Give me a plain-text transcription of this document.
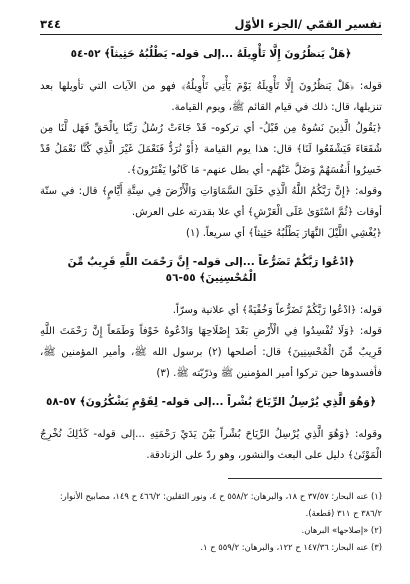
تفسير القمّي /الجزء الأوّل
٣٤٤
﴿هَلْ يَنظُرُونَ إِلَّا تَأْوِيلَهُ ...إلى قوله- يَطْلُبُهُ حَثِيثاً﴾ ٥٢-٥٤

قوله: ﴿هَلْ يَنظُرُونَ إِلَّا تَأْوِيلَهُ يَوْمَ يَأْتِي تَأْوِيلُهُ﴾ فهو من الآيات التي تأويلها بعد تنزيلها، قال: ذلك في قيام القائم ﷺ، ويوم القيامة.

﴿يَقُولُ الَّذِينَ نَسُوهُ مِن قَبْلُ- أي تركوه- قَدْ جَاءَتْ رُسُلُ رَبِّنَا بِالْحَقِّ فَهَل لَّنَا مِن شُفَعَاءَ فَيَشْفَعُوا لَنَا﴾ قال: هذا يوم القيامة ﴿أَوْ نُرَدُّ فَنَعْمَلَ غَيْرَ الَّذِي كُنَّا نَعْمَلُ قَدْ خَسِرُوا أَنفُسَهُمْ وَضَلَّ عَنْهُم- أي بطل عنهم- مَا كَانُوا يَفْتَرُونَ﴾.

وقوله: ﴿إِنَّ رَبَّكُمُ اللَّهُ الَّذِي خَلَقَ السَّمَاوَاتِ وَالْأَرْضَ فِي سِتَّةِ أَيَّامٍ﴾ قال: في ستّة أوقات ﴿ثُمَّ اسْتَوَىٰ عَلَى الْعَرْشِ﴾ أي علا بقدرته على العرش.

﴿يُغْشِي اللَّيْلَ النَّهَارَ يَطْلُبُهُ حَثِيثاً﴾ أي سريعاً. (١)

﴿ادْعُوا رَبَّكُمْ تَضَرُّعاً ...إلى قوله- إِنَّ رَحْمَتَ اللَّهِ قَرِيبٌ مِّنَ الْمُحْسِنِينَ﴾ ٥٥-٥٦

قوله: ﴿ادْعُوا رَبَّكُمْ تَضَرُّعاً وَخُفْيَةً﴾ أي علانية وسرّاً.

قوله: ﴿وَلَا تُفْسِدُوا فِي الْأَرْضِ بَعْدَ إِصْلَاحِهَا وَادْعُوهُ خَوْفاً وَطَمَعاً إِنَّ رَحْمَتَ اللَّهِ قَرِيبٌ مِّنَ الْمُحْسِنِينَ﴾ قال: أصلحها (٢) برسول الله ﷺ، وأمير المؤمنين ﷺ، فأفسدوها حين تركوا أمير المؤمنين ﷺ وذرّيّته ﷺ. (٣)

﴿وَهُوَ الَّذِي يُرْسِلُ الرِّيَاحَ بُشْراً ...إلى قوله- لِقَوْمٍ يَشْكُرُونَ﴾ ٥٧-٥٨

وقوله: ﴿وَهُوَ الَّذِي يُرْسِلُ الرِّيَاحَ بُشْراً بَيْنَ يَدَيْ رَحْمَتِهِ ...إلى قوله- كَذَٰلِكَ نُخْرِجُ الْمَوْتَىٰ﴾ دليل على البعث والنشور، وهو ردّ على الزنادقة.

(١) عنه البحار: ٣٧/٥٧ ح ١٨، والبرهان: ٥٥٨/٢ ح ٤، ونور الثقلين: ٤٦٦/٢ ح ١٤٩، مصابيح الأنوار: ٣٨٦/٢ ح ٣١١ (قطعة).

(٢) «إصلاحها» البرهان.

(٣) عنه البحار: ١٤٧/٣٦ ح ١٢٢، والبرهان: ٥٥٩/٢ ح ١.
